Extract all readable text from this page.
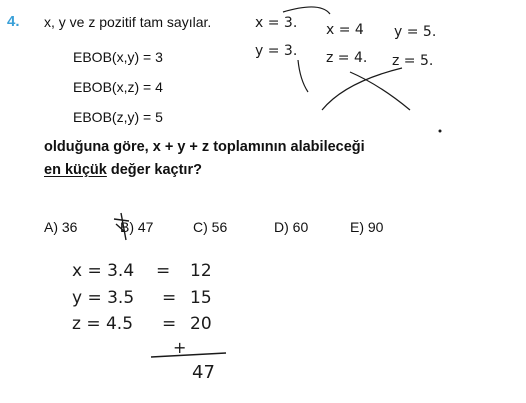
4. x, y ve z pozitif tam sayılar.
EBOB(x,y) = 3
EBOB(x,z) = 4
EBOB(z,y) = 5
olduğuna göre, x + y + z toplamının alabileceği
en küçük değer kaçtır?
A) 36	B) 47	C) 56	D) 60	E) 90
x = 3.
y = 3.
x = 4
z = 4.
y = 5.
z = 5.
x = 3.4 = 12
y = 3.5 = 15
z = 4.5 = 20
+
47
